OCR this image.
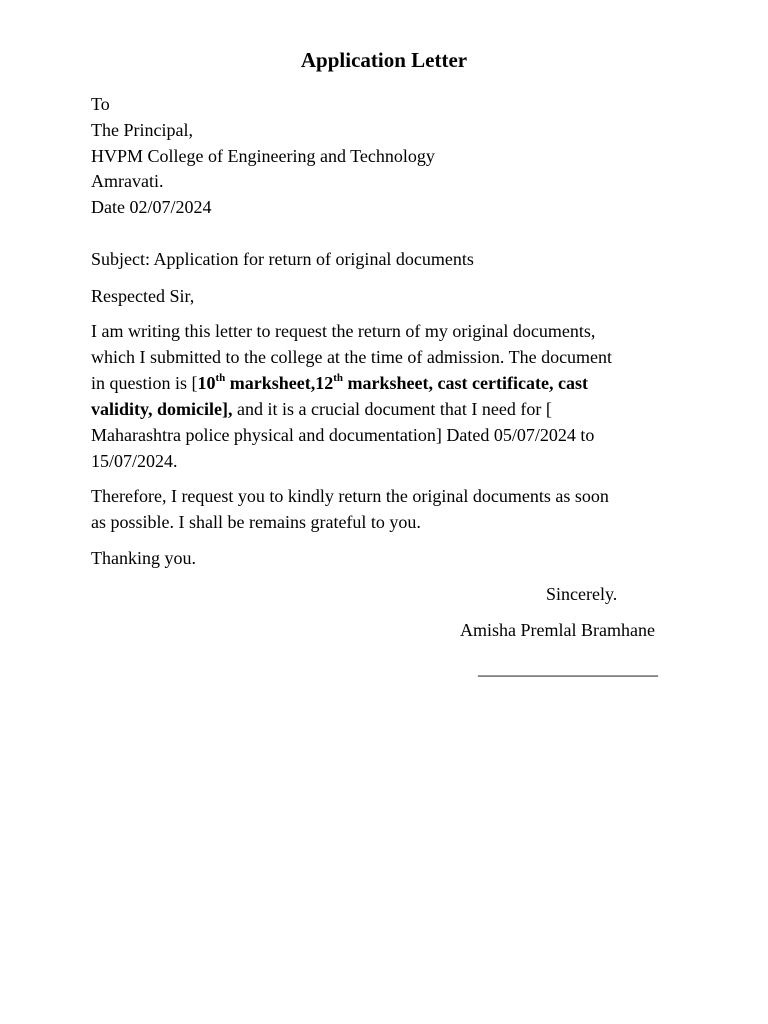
Application Letter
To
The Principal,
HVPM College of Engineering and Technology
Amravati.
Date 02/07/2024
Subject: Application for return of original documents
Respected Sir,
I am writing this letter to request the return of my original documents,
which I submitted to the college at the time of admission. The document
in question is [10th marksheet,12th marksheet, cast certificate, cast
validity, domicile], and it is a crucial document that I need for [
Maharashtra police physical and documentation] Dated 05/07/2024 to
15/07/2024.
Therefore, I request you to kindly return the original documents as soon
as possible. I shall be remains grateful to you.
Thanking you.
Sincerely.
Amisha Premlal Bramhane
____________________
